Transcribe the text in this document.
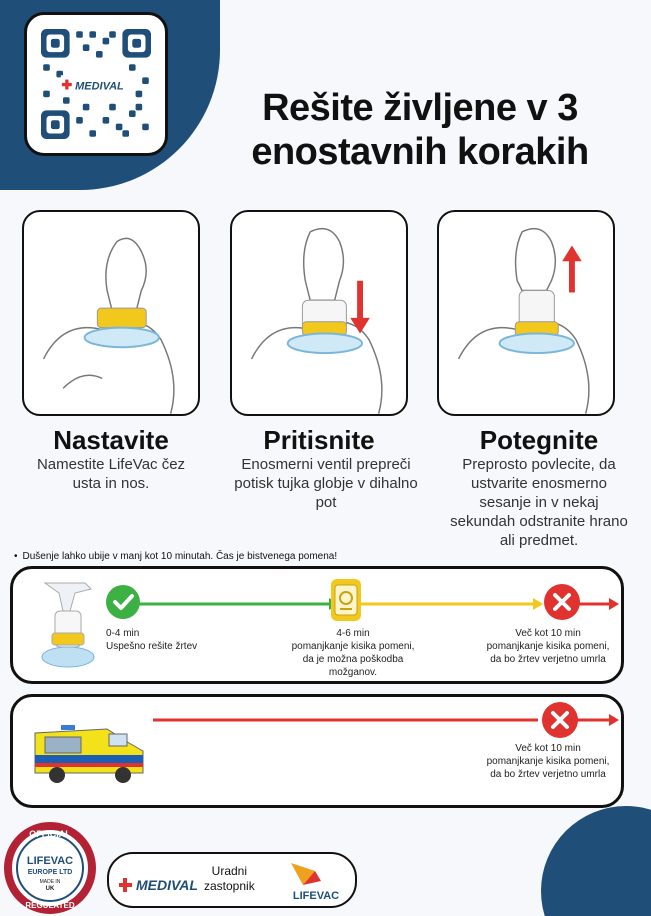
MEDIVAL
Rešite življene v 3
enostavnih korakih
Nastavite
Namestite LifeVac čez usta in nos.
Pritisnite
Enosmerni ventil prepreči potisk tujka globje v dihalno pot
Potegnite
Preprosto povlecite, da ustvarite enosmerno sesanje in v nekaj sekundah odstranite hrano ali predmet.
• Dušenje lahko ubije v manj kot 10 minutah. Čas je bistvenega pomena!
0-4 min
Uspešno rešite žrtev
4-6 min
pomanjkanje kisika pomeni,
da je možna poškodba
možganov.
Več kot 10 min
pomanjkanje kisika pomeni,
da bo žrtev verjetno umrla
Več kot 10 min
pomanjkanje kisika pomeni,
da bo žrtev verjetno umrla
OFFICIAL
LIFEVAC
EUROPE LTD
MADE IN
UK
REGULATED
MEDIVAL
Uradni
zastopnik
LIFEVAC
